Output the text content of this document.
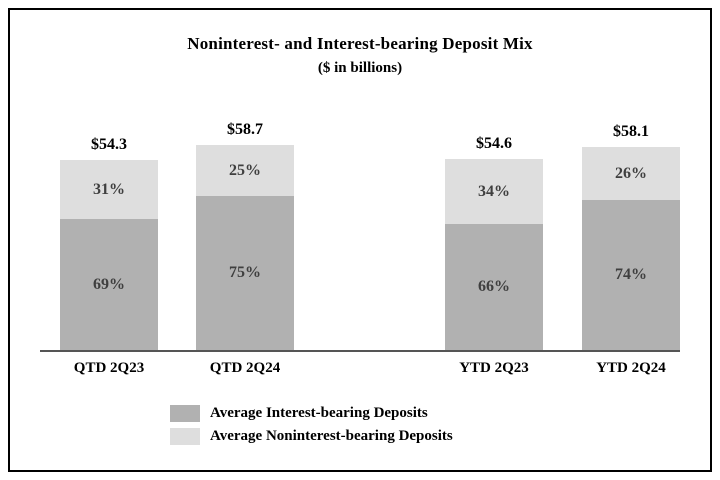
Noninterest- and Interest-bearing Deposit Mix
($ in billions)
$54.3
31%
69%
$58.7
25%
75%
$54.6
34%
66%
$58.1
26%
74%
QTD 2Q23	QTD 2Q24	YTD 2Q23	YTD 2Q24
Average Interest-bearing Deposits
Average Noninterest-bearing Deposits
